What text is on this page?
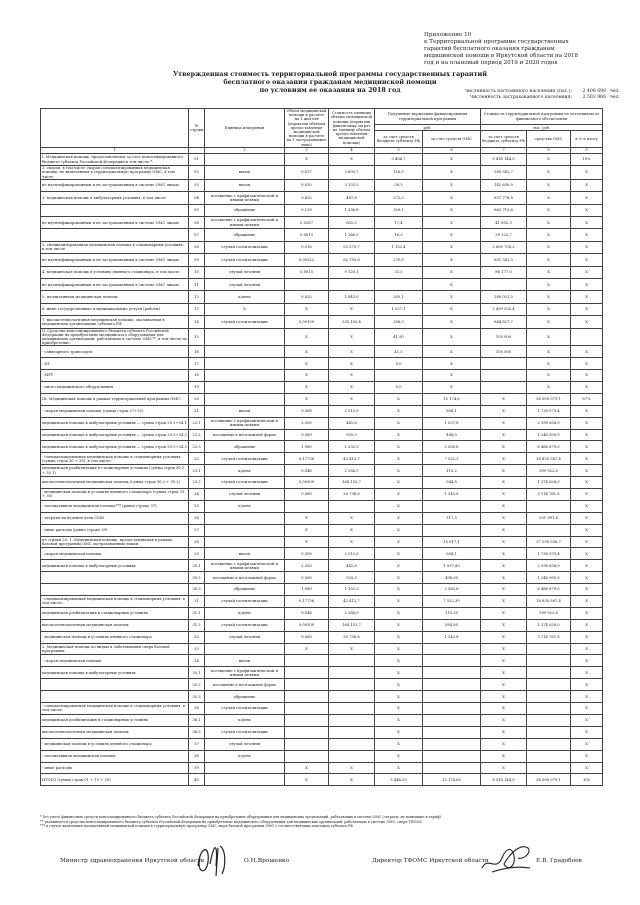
Приложение 10
к Территориальной программе государственных
гарантий бесплатного оказания гражданам
медицинской помощи в Иркутской области на 2018
год и на плановый период 2019 и 2020 годов
Утвержденная стоимость территориальной программы государственных гарантий
бесплатного оказания гражданам медицинской помощи
по условиям ее оказания на 2018 год	Численность постоянного населения (тыс.):	2 408 698 чел.
Численность застрахованного населения:	2 503 966 чел.
	№ строки	Единица измерения	Объем медицинской помощи в расчете на 1 жителя (норматив объемов предоставления медицинской помощи в расчете на 1 застрахованное лицо)	Стоимость единицы объема медицинской помощи (норматив финансовых затрат на единицу объема предоставления медицинской помощи)	Подушевые нормативы финансирования территориальной программы		Стоимость территориальной программы по источникам ее финансового обеспечения		
					руб.		тыс. руб.		
					за счет средств бюджета субъекта РФ	за счет средств ОМС	за счет средств бюджета субъекта РФ	средства ОМС	в % к итогу
1		2	3	4	5	6	7	8	9
I. Медицинская помощь, предоставляемая за счет консолидированного бюджета субъекта Российской Федерации в том числе *:	01		X	X	3 404,7	X	8 418 144,0	X	10%
1. скорая, в том числе скорая специализированная медицинская помощь, не включенная в территориальную программу ОМС, в том числе	02	вызов	0,037	3 690,7	116,5	X	280 582,7	X	X
не идентифицированным и не застрахованным в системе ОМС лицам	03	вызов	0,035	3 133,5	58,3	X	142 638,9	X	X
2. медицинская помощь в амбулаторных условиях, в том числе	04	посещение с профилактической и иными целями	0,825	487,8	272,2	X	637 778,8	X	X
	05	обращение	0,139	1 336,8	359,1	X	863 715,6	X	X
не идентифицированным и не застрахованным в системе ОМС лицам	06	посещение с профилактической и иными целями	0,0287	602,5	17,4	X	41 892,3	X	X
	07	обращение	0,0010	1 366,5	16,3	X	39 322,7	X	X
3. специализированная медицинская помощь в стационарных условиях, в том числе	08	случай госпитализации	0,016	53 575,7	1 152,4	X	2 689 758,2	X	X
не идентифицированным и не застрахованным в системе ОМС лицам	09	случай госпитализации	0,00322	82 793,8	270,6	X	651 541,0	X	X
4. медицинская помощь в условиях дневного стационара, в том числе	10	случай лечения	0,0015	9 120,1	32,5	X	86 177,0	X	X
не идентифицированным и не застрахованным в системе ОМС лицам	11	случай лечения				X		X	X
5. паллиативная медицинская помощь	12	к/день	0,025	1 943,0	205,1	X	280 021,3	X	X
6. иные государственные и муниципальные услуги (работы)	13	X	X	X	1 027,1	X	2 499 520,4	X	X
7. высокотехнологичная медицинская помощь, оказываемая в медицинских организациях субъекта РФ	14	случай госпитализации	0,00150	235 150,4	358,3	X	864 827,7	X	X
II. Средства консолидированного бюджета субъекта Российской Федерации на приобретение медицинского оборудования для медицинских организаций, работающих в системе ОМС**, в том числе на приобретение:	15		X	X	41,50	X	100 000	X	
- санитарного транспорта	16		X	X	41,5	X	100 000	X	X
- КТ	17		X	X	0,0	X		X	X
- МРТ	18		X	X		X		X	X
- иного медицинского оборудования	19		X	X	0,0	X		X	X
III. Медицинская помощь в рамках территориальной программы ОМС:	20		X	X	X	15 174,6	X	38 000 079,1	87%
- скорая медицинская помощь (сумма строк 27+32)	21	вызов	0,300	2 313,9	X	694,1	X	1 738 079,4	X
медицинская помощь в амбулаторных условиях — сумма строк 29.1+34.1	22.1	посещение с профилактической и иными целями	2,350	441,6	X	1 037,8	X	2 598 634,9	X
медицинская помощь в амбулаторных условиях — сумма строк 29.2+34.2	22.2	посещение в неотложной форме	0,560	925,3	X	498,0	X	1 246 999,9	X
медицинская помощь в амбулаторных условиях — сумма строк 29.3+34.3	22.3	обращение	1,980	1 292,3	X	2 585,6	X	6 466 679,0	X
- специализированная медицинская помощь в стационарных условиях (сумма строк 30 + 35), в том числе:	23	случай госпитализации	0,17736	42 412,7	X	7 522,3	X	18 835 587,4	X
медицинская реабилитация в стационарных условиях (сумма строк 30.1 + 35.1)	23.1	к/день	0,048	2 284,9	X	110,2	X	399 922,6	X
высокотехнологичная медицинская помощь (сумма строк 30.2 + 35.2)	23.2	случай госпитализации	0,00300	164 153,7	X	584,8	X	1 374 628,0	X
- медицинская помощь в условиях дневного стационара (сумма строк 31 + 36)	24	случай лечения	0,060	20 736,6	X	1 243,8	X	3 114 761,8	X
- паллиативная медицинская помощь*** (равно строке 37)	25	к/день			X		X		X
- затраты на ведение дела СМО	26		X	X	X	217,3	X	551 991,4	X
- иные расходы (равно строке 39)	27		X	X	X		X		X
из строки 20: 1. Медицинская помощь, предоставляемая в рамках базовой программы ОМС застрахованным лицам	28		X	X	X	15 017,1	X	37 599 038,7	X
- скорая медицинская помощь	29	вызов	0,300	2 013,9	X	604,1	X	1 738 079,4	X
медицинская помощь в амбулаторных условиях	30.1	посещение с профилактической и иными целями	2,350	441,6	X	1 037,80	X	2 598 634,9	X
	30.2	посещение в неотложной форме	0,560	925,3	X	498,00	X	1 246 999,9	X
	30.3	обращение	1,980	1 292,3	X	2 585,6	X	6 466 679,0	X
- специализированная медицинская помощь в стационарных условиях, в том числе:	31	случай госпитализации	0,17736	42 412,7	X	7 522,30	X	18 835 587,4	X
медицинская реабилитация в стационарных условиях	31.1	к/день	0,048	2 284,9	X	110,20	X	399 922,6	X
высокотехнологичная медицинская помощь	31.2	случай госпитализации	0,00300	164 153,7	X	584,80	X	1 374 628,0	X
- медицинская помощь в условиях дневного стационара	32	случай лечения	0,060	20 736,6	X	1 243,8	X	3 114 761,8	X
2. Медицинская помощь по видам и заболеваниям сверх базовой программы:	33		X	X	X		X		X
- скорая медицинская помощь	34	вызов			X		X		X
медицинская помощь в амбулаторных условиях	35.1	посещение с профилактической и иными целями			X		X		X
	35.2	посещение в неотложной форме			X		X		X
	35.3	обращение			X		X		X
- специализированная медицинская помощь в стационарных условиях, в том числе:	36	случай госпитализации			X		X		X
медицинская реабилитация в стационарных условиях	36.1	к/день			X		X		X
высокотехнологичная медицинская помощь	36.2	случай госпитализации			X		X		X
- медицинская помощь в условиях дневного стационара	37	случай лечения			X		X		X
- паллиативная медицинская помощь	38	к/день			X		X		X
- иные расходы	39		X	X	X		X		X
ИТОГО (сумма строк 01 + 15 + 20)	40		X	X	3 446,20	15 174,60	8 518 144,0	38 000 079,1	100
* без учета финансовых средств консолидированного бюджета субъекта Российской Федерации на приобретение оборудования для медицинских организаций, работающих в системе ОМС (затраты, не вошедшие в тариф).
** указываются средства консолидированного бюджета субъекта Российской Федерации на приобретение медицинского оборудования для медицинских организаций, работающих в системе ОМС, сверх ТПОМС.
*** в случае включения паллиативной медицинской помощи в территориальную программу ОМС сверх базовой программы ОМС с соответствующим платежом субъекта РФ
Министр здравоохранения Иркутской области	О.Н.Ярошенко	Директор ТФОМС Иркутской области	Е.В. Градобоев
